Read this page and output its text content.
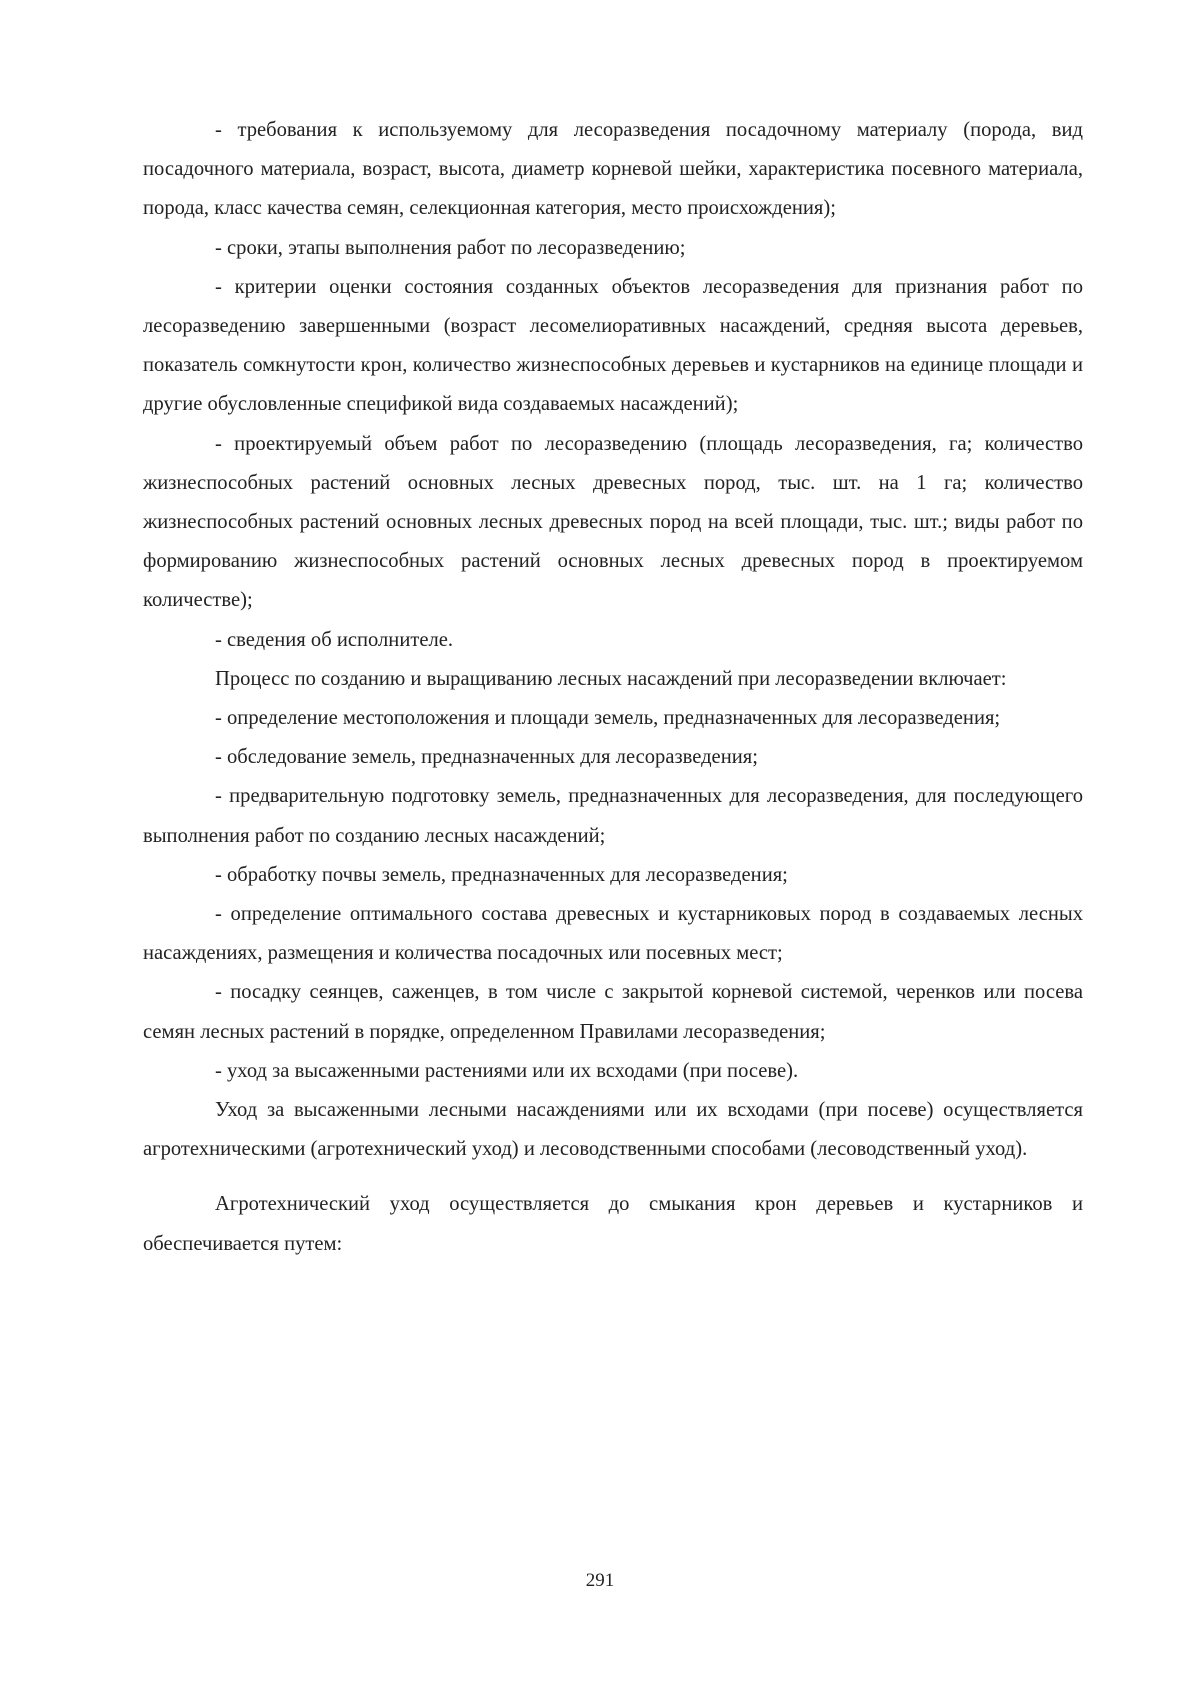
- требования к используемому для лесоразведения посадочному материалу (порода, вид посадочного материала, возраст, высота, диаметр корневой шейки, характеристика посевного материала, порода, класс качества семян, селекционная категория, место происхождения);

- сроки, этапы выполнения работ по лесоразведению;

- критерии оценки состояния созданных объектов лесоразведения для признания работ по лесоразведению завершенными (возраст лесомелиоративных насаждений, средняя высота деревьев, показатель сомкнутости крон, количество жизнеспособных деревьев и кустарников на единице площади и другие обусловленные спецификой вида создаваемых насаждений);

- проектируемый объем работ по лесоразведению (площадь лесоразведения, га; количество жизнеспособных растений основных лесных древесных пород, тыс. шт. на 1 га; количество жизнеспособных растений основных лесных древесных пород на всей площади, тыс. шт.; виды работ по формированию жизнеспособных растений основных лесных древесных пород в проектируемом количестве);

- сведения об исполнителе.

Процесс по созданию и выращиванию лесных насаждений при лесоразведении включает:

- определение местоположения и площади земель, предназначенных для лесоразведения;

- обследование земель, предназначенных для лесоразведения;

- предварительную подготовку земель, предназначенных для лесоразведения, для последующего выполнения работ по созданию лесных насаждений;

- обработку почвы земель, предназначенных для лесоразведения;

- определение оптимального состава древесных и кустарниковых пород в создаваемых лесных насаждениях, размещения и количества посадочных или посевных мест;

- посадку сеянцев, саженцев, в том числе с закрытой корневой системой, черенков или посева семян лесных растений в порядке, определенном Правилами лесоразведения;

- уход за высаженными растениями или их всходами (при посеве).

Уход за высаженными лесными насаждениями или их всходами (при посеве) осуществляется агротехническими (агротехнический уход) и лесоводственными способами (лесоводственный уход).

Агротехнический уход осуществляется до смыкания крон деревьев и кустарников и обеспечивается путем:

291
